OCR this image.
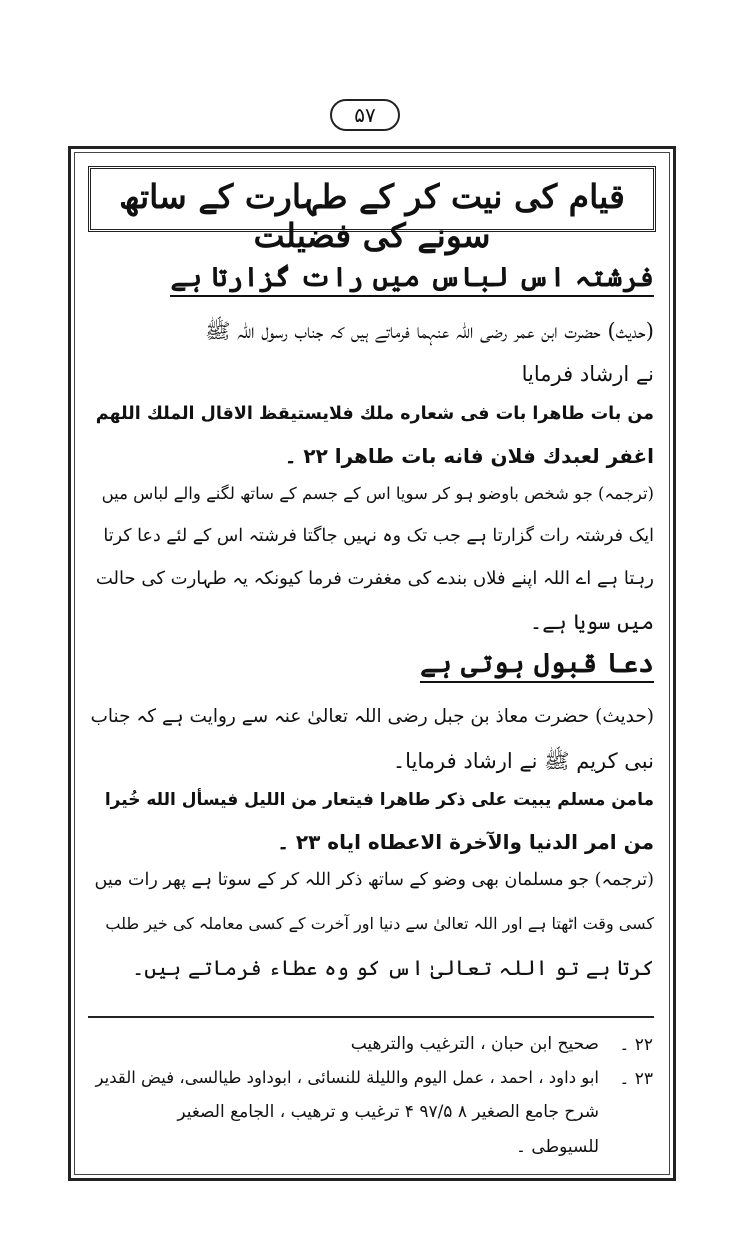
۵۷
قیام کی نیت کر کے طہارت کے ساتھ سونے کی فضیلت
فرشتہ اس لباس میں رات گزارتا ہے
(حدیث) حضرت ابن عمر رضی اللہ عنہما فرماتے ہیں کہ جناب رسول اللہ ﷺ
نے ارشاد فرمایا
من بات طاهرا بات فی شعاره ملك فلايستيقظ الاقال الملك اللهم
اغفر لعبدك فلان فانه بات طاهرا ۲۲ ۔
(ترجمہ) جو شخص باوضو ہو کر سویا اس کے جسم کے ساتھ لگنے والے لباس میں
ایک فرشتہ رات گزارتا ہے جب تک وہ نہیں جاگتا فرشتہ اس کے لئے دعا کرتا
رہتا ہے اے اللہ اپنے فلاں بندے کی مغفرت فرما کیونکہ یہ طہارت کی حالت
میں سویا ہے۔
دعا قبول ہوتی ہے
(حدیث) حضرت معاذ بن جبل رضی اللہ تعالیٰ عنہ سے روایت ہے کہ جناب
نبی کریم ﷺ نے ارشاد فرمایا۔
مامن مسلم يبيت علی ذكر طاهرا فيتعار من الليل فيسأل الله خُيرا
من امر الدنيا والآخرة الاعطاه اياه ۲۳ ۔
(ترجمہ) جو مسلمان بھی وضو کے ساتھ ذکر اللہ کر کے سوتا ہے پھر رات میں
کسی وقت اٹھتا ہے اور اللہ تعالیٰ سے دنیا اور آخرت کے کسی معاملہ کی خیر طلب
کرتا ہے تو اللہ تعالیٰ اس کو وہ عطاء فرماتے ہیں۔
۲۲ ۔
صحیح ابن حبان ، الترغیب والترهیب
۲۳ ۔
ابو داود ، احمد ، عمل الیوم واللیلة للنسائی ، ابوداود طیالسی، فیض القدیر
شرح جامع الصغیر ۸ ۹۷/۵ ۴ ترغیب و ترهیب ، الجامع الصغیر
للسیوطی ۔
